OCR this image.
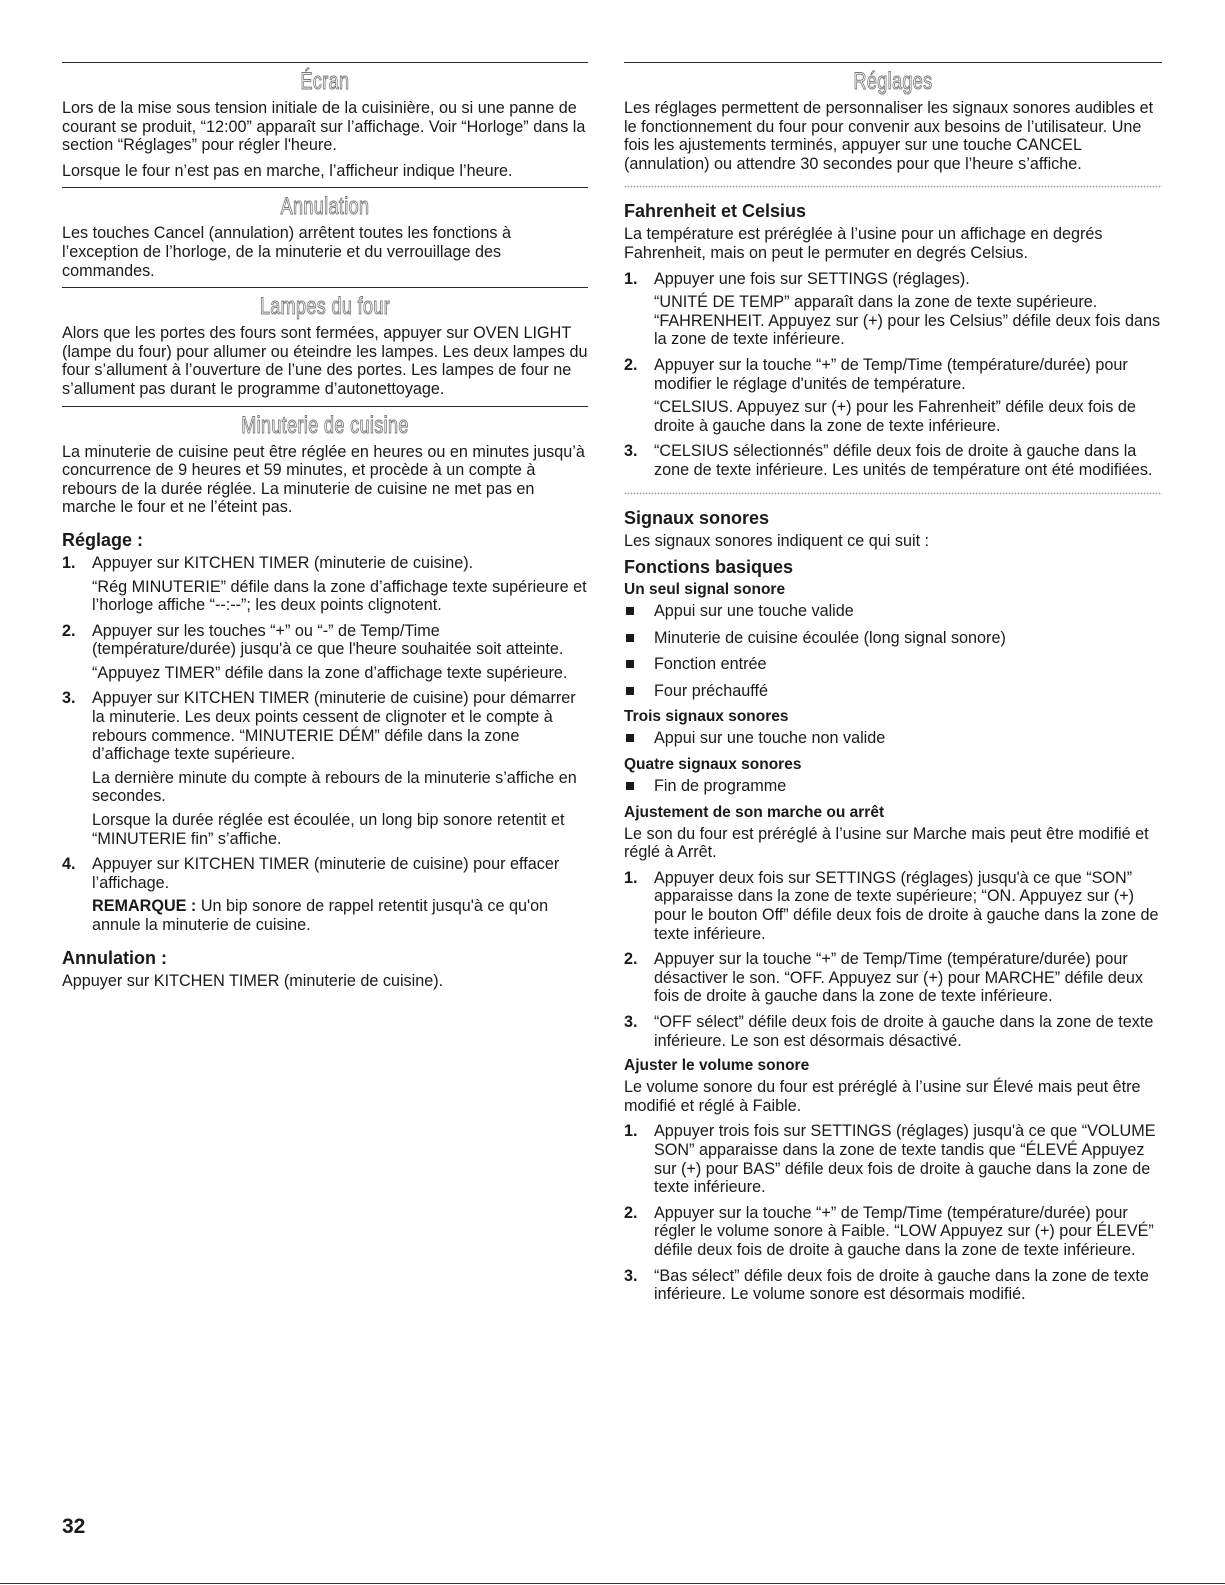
Écran

Lors de la mise sous tension initiale de la cuisinière, ou si une panne de courant se produit, “12:00” apparaît sur l’affichage. Voir “Horloge” dans la section “Réglages” pour régler l'heure.

Lorsque le four n’est pas en marche, l’afficheur indique l’heure.

Annulation

Les touches Cancel (annulation) arrêtent toutes les fonctions à l’exception de l’horloge, de la minuterie et du verrouillage des commandes.

Lampes du four

Alors que les portes des fours sont fermées, appuyer sur OVEN LIGHT (lampe du four) pour allumer ou éteindre les lampes. Les deux lampes du four s’allument à l’ouverture de l’une des portes. Les lampes de four ne s’allument pas durant le programme d’autonettoyage.

Minuterie de cuisine

La minuterie de cuisine peut être réglée en heures ou en minutes jusqu’à concurrence de 9 heures et 59 minutes, et procède à un compte à rebours de la durée réglée. La minuterie de cuisine ne met pas en marche le four et ne l’éteint pas.

Réglage :
1. Appuyer sur KITCHEN TIMER (minuterie de cuisine).

“Rég MINUTERIE” défile dans la zone d’affichage texte supérieure et l’horloge affiche “--:--”; les deux points clignotent.

2. Appuyer sur les touches “+” ou “-” de Temp/Time (température/durée) jusqu'à ce que l'heure souhaitée soit atteinte.

“Appuyez TIMER” défile dans la zone d’affichage texte supérieure.

3. Appuyer sur KITCHEN TIMER (minuterie de cuisine) pour démarrer la minuterie. Les deux points cessent de clignoter et le compte à rebours commence. “MINUTERIE DÉM” défile dans la zone d’affichage texte supérieure.

La dernière minute du compte à rebours de la minuterie s’affiche en secondes.

Lorsque la durée réglée est écoulée, un long bip sonore retentit et “MINUTERIE fin” s’affiche.

4. Appuyer sur KITCHEN TIMER (minuterie de cuisine) pour effacer l’affichage.

REMARQUE : Un bip sonore de rappel retentit jusqu'à ce qu'on annule la minuterie de cuisine.

Annulation :

Appuyer sur KITCHEN TIMER (minuterie de cuisine).

Réglages

Les réglages permettent de personnaliser les signaux sonores audibles et le fonctionnement du four pour convenir aux besoins de l’utilisateur. Une fois les ajustements terminés, appuyer sur une touche CANCEL (annulation) ou attendre 30 secondes pour que l’heure s’affiche.

Fahrenheit et Celsius

La température est préréglée à l’usine pour un affichage en degrés Fahrenheit, mais on peut le permuter en degrés Celsius.

1. Appuyer une fois sur SETTINGS (réglages).

“UNITÉ DE TEMP” apparaît dans la zone de texte supérieure. “FAHRENHEIT. Appuyez sur (+) pour les Celsius” défile deux fois dans la zone de texte inférieure.

2. Appuyer sur la touche “+” de Temp/Time (température/durée) pour modifier le réglage d'unités de température.

“CELSIUS. Appuyez sur (+) pour les Fahrenheit” défile deux fois de droite à gauche dans la zone de texte inférieure.

3. “CELSIUS sélectionnés” défile deux fois de droite à gauche dans la zone de texte inférieure. Les unités de température ont été modifiées.

Signaux sonores

Les signaux sonores indiquent ce qui suit :

Fonctions basiques
Un seul signal sonore
Appui sur une touche valide
Minuterie de cuisine écoulée (long signal sonore)
Fonction entrée
Four préchauffé
Trois signaux sonores
Appui sur une touche non valide
Quatre signaux sonores
Fin de programme
Ajustement de son marche ou arrêt

Le son du four est préréglé à l’usine sur Marche mais peut être modifié et réglé à Arrêt.

1. Appuyer deux fois sur SETTINGS (réglages) jusqu'à ce que “SON” apparaisse dans la zone de texte supérieure; “ON. Appuyez sur (+) pour le bouton Off” défile deux fois de droite à gauche dans la zone de texte inférieure.

2. Appuyer sur la touche “+” de Temp/Time (température/durée) pour désactiver le son. “OFF. Appuyez sur (+) pour MARCHE” défile deux fois de droite à gauche dans la zone de texte inférieure.

3. “OFF sélect” défile deux fois de droite à gauche dans la zone de texte inférieure. Le son est désormais désactivé.

Ajuster le volume sonore

Le volume sonore du four est préréglé à l’usine sur Élevé mais peut être modifié et réglé à Faible.

1. Appuyer trois fois sur SETTINGS (réglages) jusqu'à ce que “VOLUME SON” apparaisse dans la zone de texte tandis que “ÉLEVÉ Appuyez sur (+) pour BAS” défile deux fois de droite à gauche dans la zone de texte inférieure.

2. Appuyer sur la touche “+” de Temp/Time (température/durée) pour régler le volume sonore à Faible. “LOW Appuyez sur (+) pour ÉLEVÉ” défile deux fois de droite à gauche dans la zone de texte inférieure.

3. “Bas sélect” défile deux fois de droite à gauche dans la zone de texte inférieure. Le volume sonore est désormais modifié.

32
